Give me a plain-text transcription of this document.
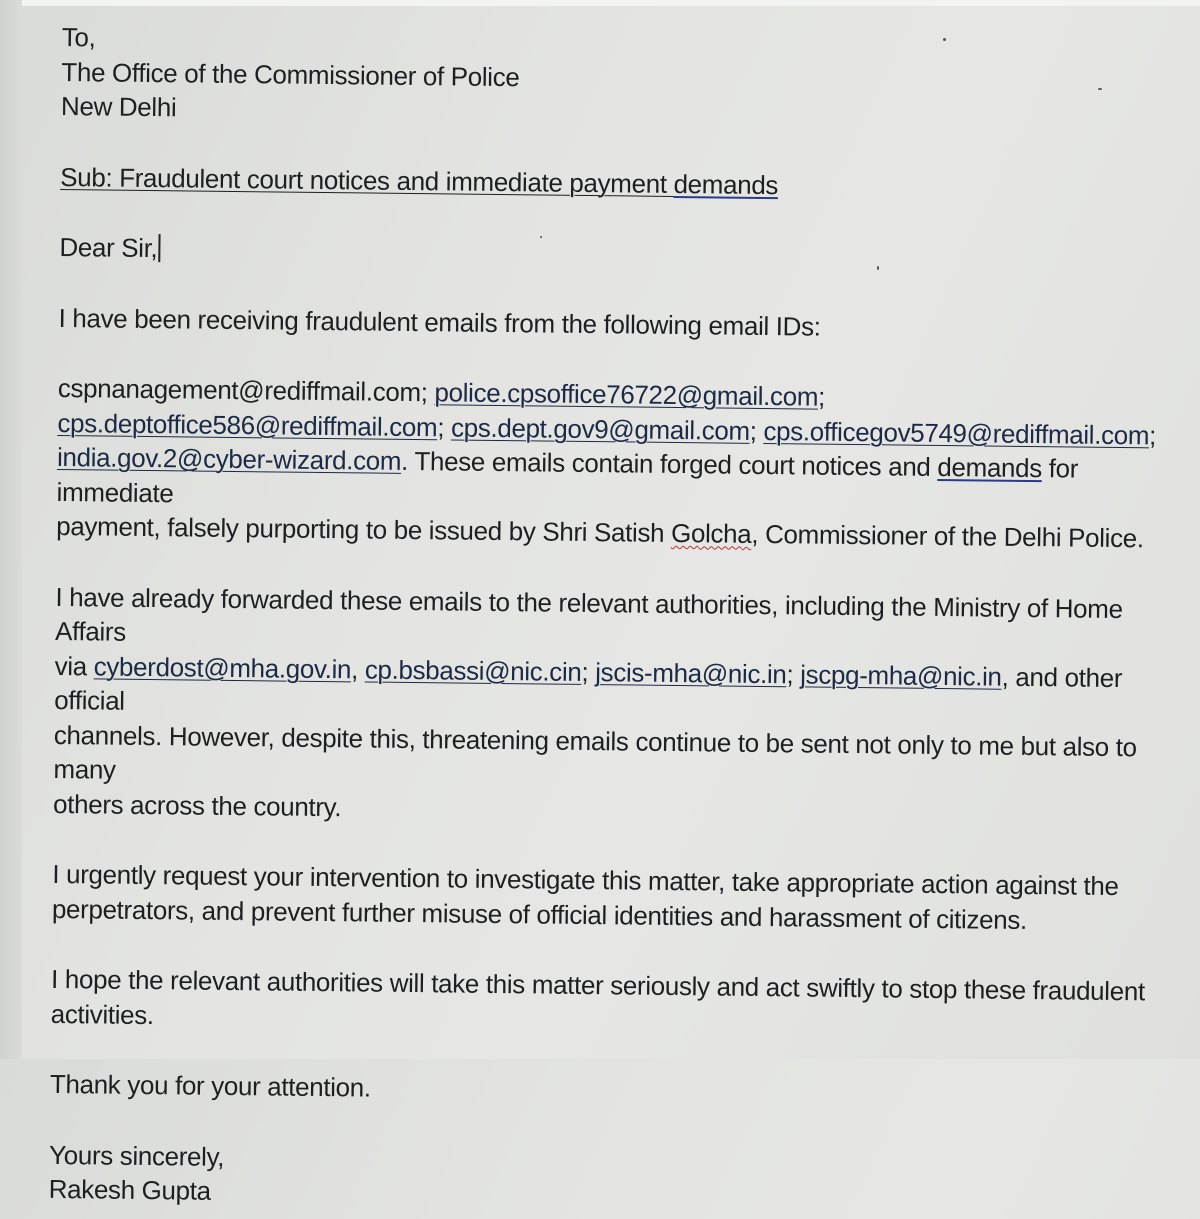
To,

The Office of the Commissioner of Police

New Delhi

Sub: Fraudulent court notices and immediate payment demands

Dear Sir,

I have been receiving fraudulent emails from the following email IDs:

cspnanagement@rediffmail.com; police.cpsoffice76722@gmail.com;

cps.deptoffice586@rediffmail.com; cps.dept.gov9@gmail.com; cps.officegov5749@rediffmail.com;

india.gov.2@cyber-wizard.com. These emails contain forged court notices and demands for immediate

payment, falsely purporting to be issued by Shri Satish Golcha, Commissioner of the Delhi Police.

I have already forwarded these emails to the relevant authorities, including the Ministry of Home Affairs

via cyberdost@mha.gov.in, cp.bsbassi@nic.cin; jscis-mha@nic.in; jscpg-mha@nic.in, and other official

channels. However, despite this, threatening emails continue to be sent not only to me but also to many

others across the country.

I urgently request your intervention to investigate this matter, take appropriate action against the

perpetrators, and prevent further misuse of official identities and harassment of citizens.

I hope the relevant authorities will take this matter seriously and act swiftly to stop these fraudulent

activities.

Thank you for your attention.

Yours sincerely,

Rakesh Gupta
